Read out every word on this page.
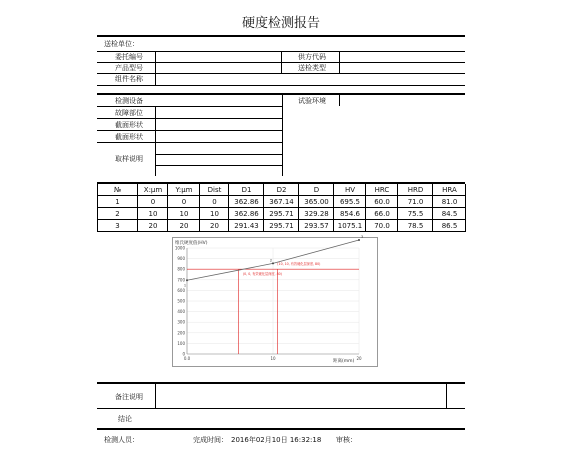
硬度检测报告
送检单位：
委托编号	供方代码
产品型号	送检类型
组件名称
检测设备	试验环境
故障部位
截面形状
截面形状
取样说明
№	X:μm	Y:μm	Dist	D1	D2	D	HV	HRC	HRD	HRA
1	0	0	0	362.86	367.14	365.00	695.5	60.0	71.0	81.0
2	10	10	10	362.86	295.71	329.28	854.6	66.0	75.5	84.5
3	20	20	20	291.43	295.71	293.57	1075.1	70.0	78.5	86.5
0
100
200
300
400
500
600
700
800
900
1000
0.0	10	20
1
2
3
(0, 0, 有效硬化层深度, 80)
(10, 10, 有效硬化层深度, 80)
维氏硬度值(HV)
距离(mm)
备注说明
结论
检测人员：	完成时间： 2016年02月10日 16:32:18 审核：
